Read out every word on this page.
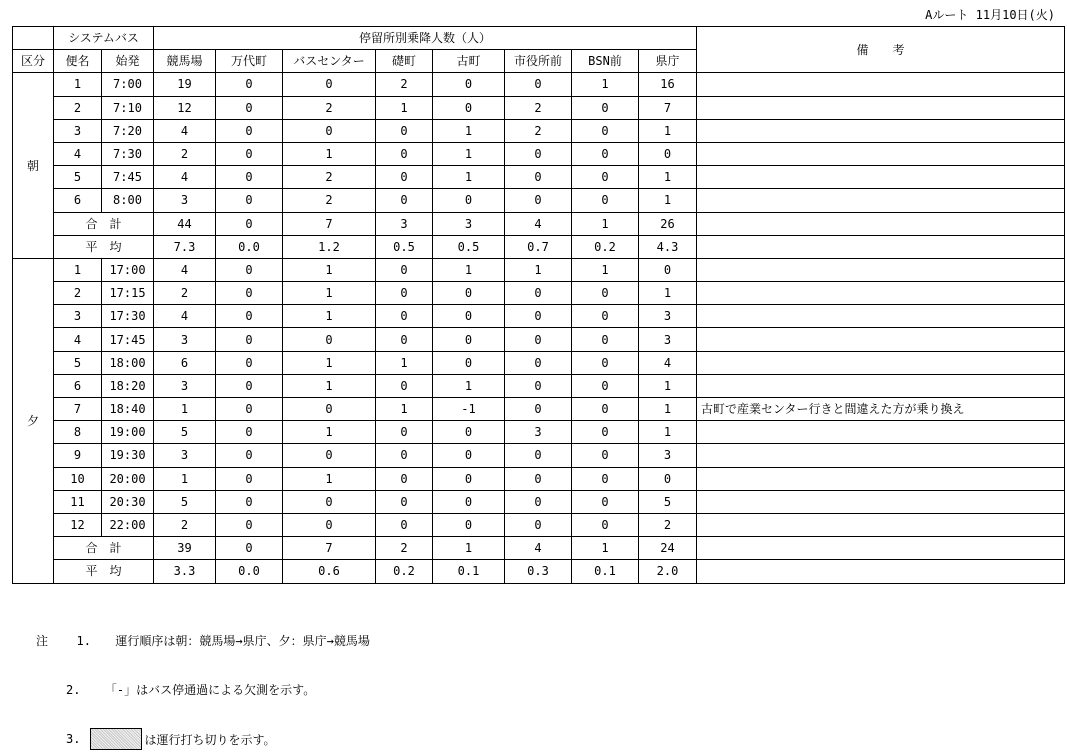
Aルート 11月10日(火)
	システムバス		停留所別乗降人数（人）								備　　考
区分	便名	始発	競馬場	万代町	バスセンター	礎町	古町	市役所前	BSN前	県庁	
朝	1	7:00	19	0	0	2	0	0	1	16	
	2	7:10	12	0	2	1	0	2	0	7	
	3	7:20	4	0	0	0	1	2	0	1	
	4	7:30	2	0	1	0	1	0	0	0	
	5	7:45	4	0	2	0	1	0	0	1	
	6	8:00	3	0	2	0	0	0	0	1	
	合　計		44	0	7	3	3	4	1	26	
	平　均		7.3	0.0	1.2	0.5	0.5	0.7	0.2	4.3	
夕	1	17:00	4	0	1	0	1	1	1	0	
	2	17:15	2	0	1	0	0	0	0	1	
	3	17:30	4	0	1	0	0	0	0	3	
	4	17:45	3	0	0	0	0	0	0	3	
	5	18:00	6	0	1	1	0	0	0	4	
	6	18:20	3	0	1	0	1	0	0	1	
	7	18:40	1	0	0	1	-1	0	0	1	古町で産業センター行きと間違えた方が乗り換え
	8	19:00	5	0	1	0	0	3	0	1	
	9	19:30	3	0	0	0	0	0	0	3	
	10	20:00	1	0	1	0	0	0	0	0	
	11	20:30	5	0	0	0	0	0	0	5	
	12	22:00	2	0	0	0	0	0	0	2	
	合　計		39	0	7	2	1	4	1	24	
	平　均		3.3	0.0	0.6	0.2	0.1	0.3	0.1	2.0	
注 1. 運行順序は朝：競馬場→県庁、夕：県庁→競馬場
2. 「-」はバス停通過による欠測を示す。
3.	は運行打ち切りを示す。
